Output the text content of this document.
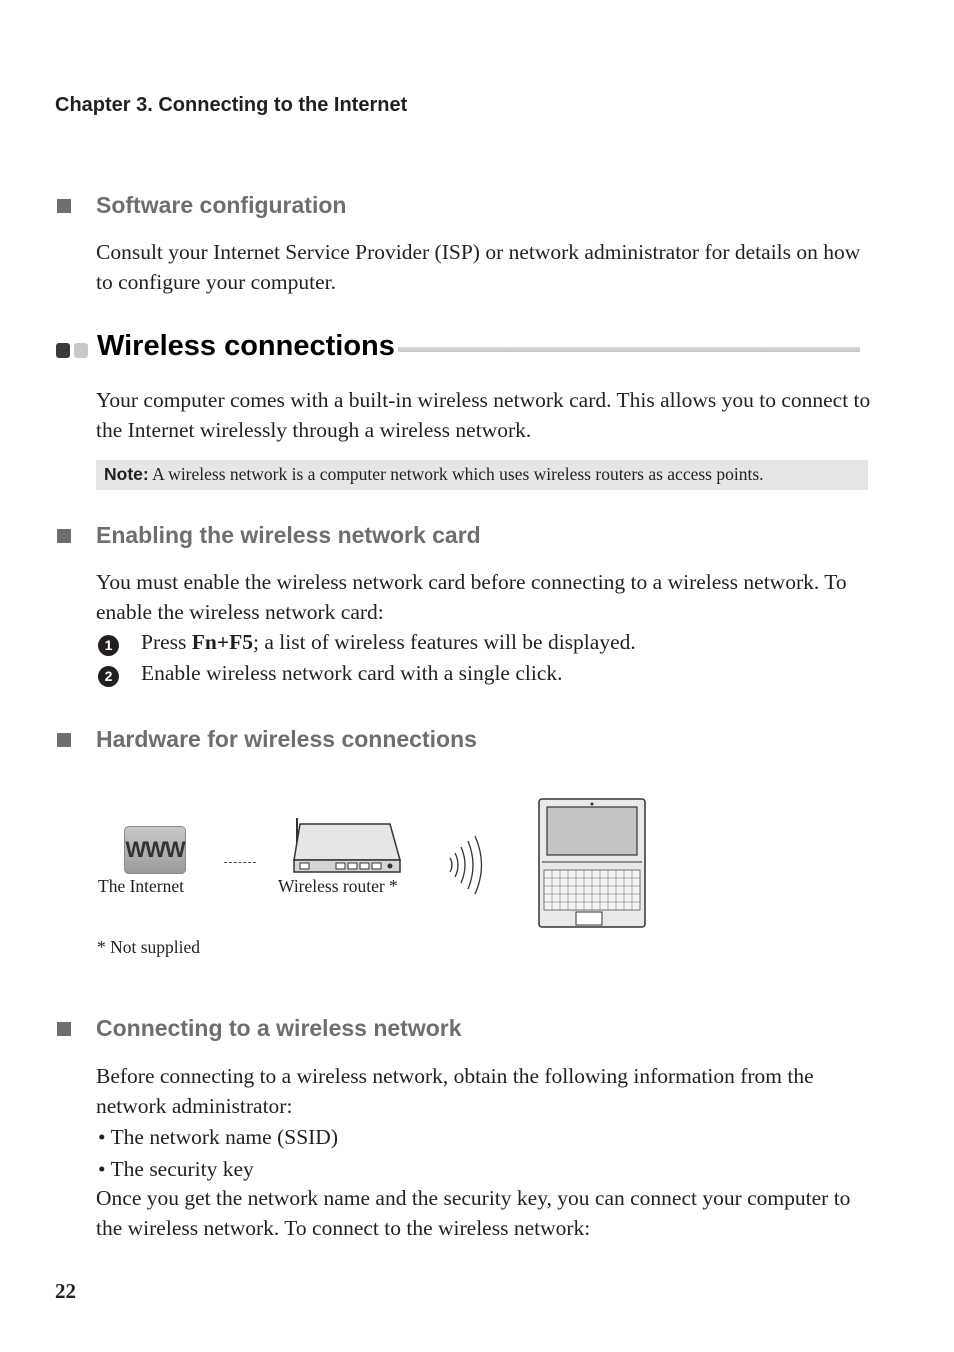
Chapter 3. Connecting to the Internet
Software configuration
Consult your Internet Service Provider (ISP) or network administrator for details on how to configure your computer.
Wireless connections
Your computer comes with a built-in wireless network card. This allows you to connect to the Internet wirelessly through a wireless network.
Note: A wireless network is a computer network which uses wireless routers as access points.
Enabling the wireless network card
You must enable the wireless network card before connecting to a wireless network. To enable the wireless network card:
1	Press Fn+F5; a list of wireless features will be displayed.
2	Enable wireless network card with a single click.
Hardware for wireless connections
WWW
The Internet	Wireless router *
* Not supplied
Connecting to a wireless network
Before connecting to a wireless network, obtain the following information from the network administrator:
• The network name (SSID)
• The security key
Once you get the network name and the security key, you can connect your computer to the wireless network. To connect to the wireless network:
22
